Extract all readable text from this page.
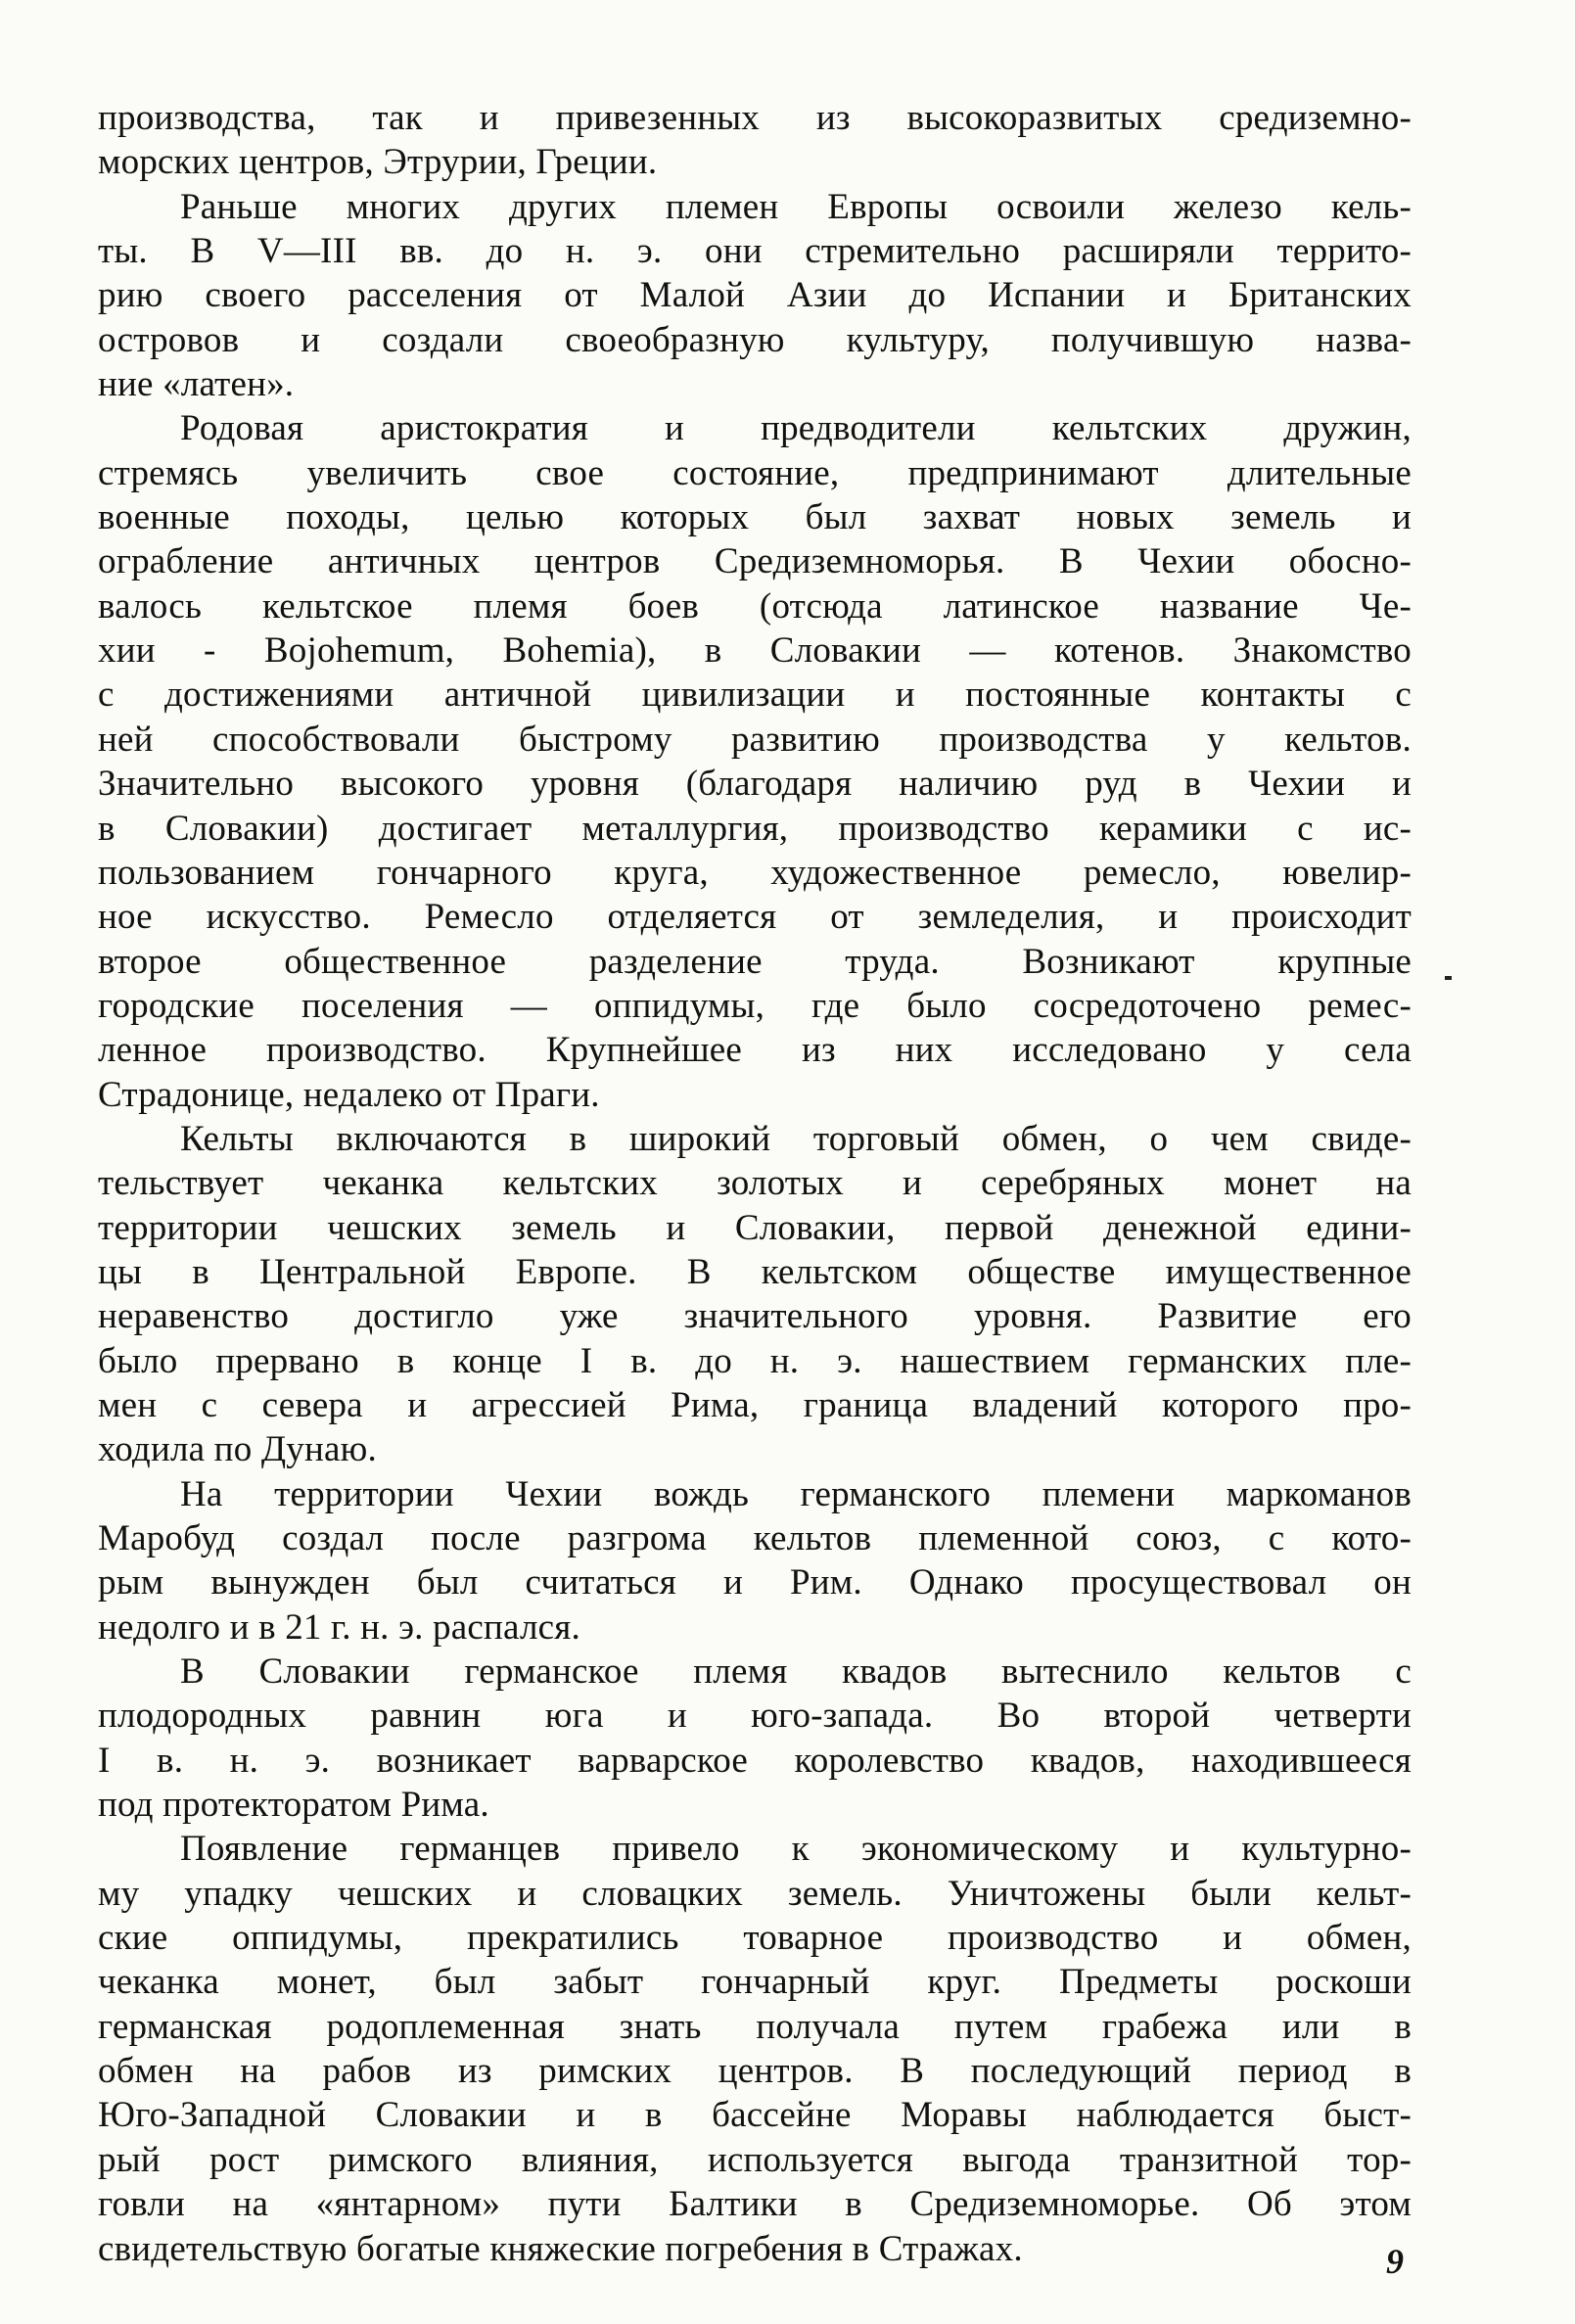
производства, так и привезенных из высокоразвитых средиземно-
морских центров, Этрурии, Греции.
Раньше многих других племен Европы освоили железо кель-
ты. В V—III вв. до н. э. они стремительно расширяли террито-
рию своего расселения от Малой Азии до Испании и Британских
островов и создали своеобразную культуру, получившую назва-
ние «латен».
Родовая аристократия и предводители кельтских дружин,
стремясь увеличить свое состояние, предпринимают длительные
военные походы, целью которых был захват новых земель и
ограбление античных центров Средиземноморья. В Чехии обосно-
валось кельтское племя боев (отсюда латинское название Че-
хии - Bojohemum, Bohemia), в Словакии — котенов. Знакомство
с достижениями античной цивилизации и постоянные контакты с
ней способствовали быстрому развитию производства у кельтов.
Значительно высокого уровня (благодаря наличию руд в Чехии и
в Словакии) достигает металлургия, производство керамики с ис-
пользованием гончарного круга, художественное ремесло, ювелир-
ное искусство. Ремесло отделяется от земледелия, и происходит
второе общественное разделение труда. Возникают крупные
городские поселения — оппидумы, где было сосредоточено ремес-
ленное производство. Крупнейшее из них исследовано у села
Страдонице, недалеко от Праги.
Кельты включаются в широкий торговый обмен, о чем свиде-
тельствует чеканка кельтских золотых и серебряных монет на
территории чешских земель и Словакии, первой денежной едини-
цы в Центральной Европе. В кельтском обществе имущественное
неравенство достигло уже значительного уровня. Развитие его
было прервано в конце I в. до н. э. нашествием германских пле-
мен с севера и агрессией Рима, граница владений которого про-
ходила по Дунаю.
На территории Чехии вождь германского племени маркоманов
Маробуд создал после разгрома кельтов племенной союз, с кото-
рым вынужден был считаться и Рим. Однако просуществовал он
недолго и в 21 г. н. э. распался.
В Словакии германское племя квадов вытеснило кельтов с
плодородных равнин юга и юго-запада. Во второй четверти
I в. н. э. возникает варварское королевство квадов, находившееся
под протекторатом Рима.
Появление германцев привело к экономическому и культурно-
му упадку чешских и словацких земель. Уничтожены были кельт-
ские оппидумы, прекратились товарное производство и обмен,
чеканка монет, был забыт гончарный круг. Предметы роскоши
германская родоплеменная знать получала путем грабежа или в
обмен на рабов из римских центров. В последующий период в
Юго-Западной Словакии и в бассейне Моравы наблюдается быст-
рый рост римского влияния, используется выгода транзитной тор-
говли на «янтарном» пути Балтики в Средиземноморье. Об этом
свидетельствую богатые княжеские погребения в Стражах.	9
